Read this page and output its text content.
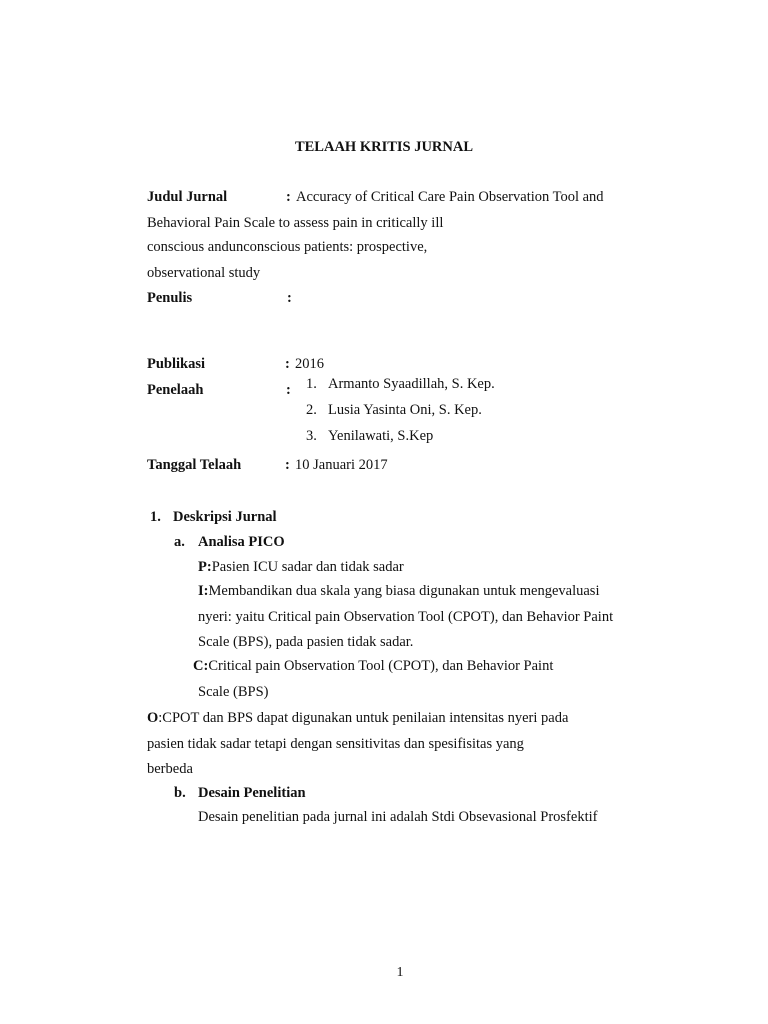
TELAAH KRITIS JURNAL
Judul Jurnal	: Accuracy of Critical Care Pain Observation Tool and
Behavioral Pain Scale to assess pain in critically ill
conscious andunconscious patients: prospective,
observational study
Penulis	:
Publikasi	: 2016
Penelaah	: 1. Armanto Syaadillah, S. Kep.
2. Lusia Yasinta Oni, S. Kep.
3. Yenilawati, S.Kep
Tanggal Telaah	: 10 Januari 2017
1. Deskripsi Jurnal
a. Analisa PICO
P:Pasien ICU sadar dan tidak sadar
I:Membandikan dua skala yang biasa digunakan untuk mengevaluasi
nyeri: yaitu Critical pain Observation Tool (CPOT), dan Behavior Paint
Scale (BPS), pada pasien tidak sadar.
C:Critical pain Observation Tool (CPOT), dan Behavior Paint
Scale (BPS)
O:CPOT dan BPS dapat digunakan untuk penilaian intensitas nyeri pada
pasien tidak sadar tetapi dengan sensitivitas dan spesifisitas yang
berbeda
b. Desain Penelitian
Desain penelitian pada jurnal ini adalah Stdi Obsevasional Prosfektif
1
